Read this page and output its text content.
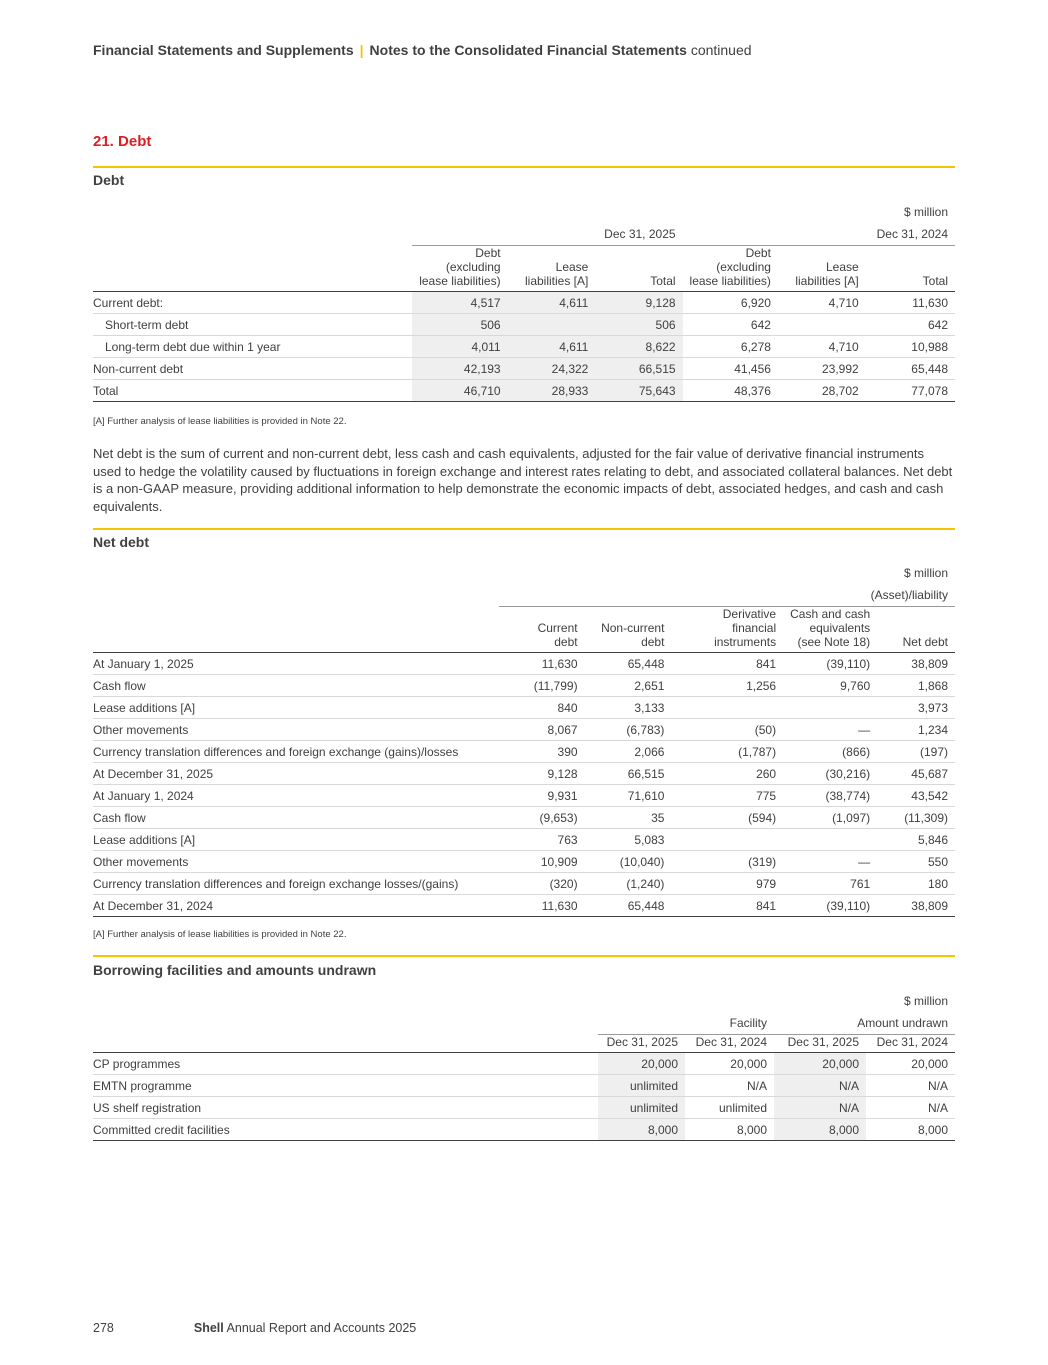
Financial Statements and Supplements | Notes to the Consolidated Financial Statements continued
21. Debt
Debt
						$ million
	Dec 31, 2025			Dec 31, 2024		
	Debt
(excluding
lease liabilities)	Lease
liabilities [A]	Total	Debt
(excluding
lease liabilities)	Lease
liabilities [A]	Total
Current debt:	4,517	4,611	9,128	6,920	4,710	11,630
Short-term debt	506		506	642		642
Long-term debt due within 1 year	4,011	4,611	8,622	6,278	4,710	10,988
Non-current debt	42,193	24,322	66,515	41,456	23,992	65,448
Total	46,710	28,933	75,643	48,376	28,702	77,078
[A] Further analysis of lease liabilities is provided in Note 22.
Net debt is the sum of current and non-current debt, less cash and cash equivalents, adjusted for the fair value of derivative financial instruments used to hedge the volatility caused by fluctuations in foreign exchange and interest rates relating to debt, and associated collateral balances. Net debt is a non-GAAP measure, providing additional information to help demonstrate the economic impacts of debt, associated hedges, and cash and cash equivalents.
Net debt
					$ million
	(Asset)/liability				
	Current
debt	Non-current
debt	Derivative
financial
instruments	Cash and cash
equivalents
(see Note 18)	Net debt
At January 1, 2025	11,630	65,448	841	(39,110)	38,809
Cash flow	(11,799)	2,651	1,256	9,760	1,868
Lease additions [A]	840	3,133			3,973
Other movements	8,067	(6,783)	(50)	—	1,234
Currency translation differences and foreign exchange (gains)/losses	390	2,066	(1,787)	(866)	(197)
At December 31, 2025	9,128	66,515	260	(30,216)	45,687
At January 1, 2024	9,931	71,610	775	(38,774)	43,542
Cash flow	(9,653)	35	(594)	(1,097)	(11,309)
Lease additions [A]	763	5,083			5,846
Other movements	10,909	(10,040)	(319)	—	550
Currency translation differences and foreign exchange losses/(gains)	(320)	(1,240)	979	761	180
At December 31, 2024	11,630	65,448	841	(39,110)	38,809
[A] Further analysis of lease liabilities is provided in Note 22.
Borrowing facilities and amounts undrawn
				$ million
	Facility		Amount undrawn	
	Dec 31, 2025	Dec 31, 2024	Dec 31, 2025	Dec 31, 2024
CP programmes	20,000	20,000	20,000	20,000
EMTN programme	unlimited	N/A	N/A	N/A
US shelf registration	unlimited	unlimited	N/A	N/A
Committed credit facilities	8,000	8,000	8,000	8,000
278	Shell Annual Report and Accounts 2025
